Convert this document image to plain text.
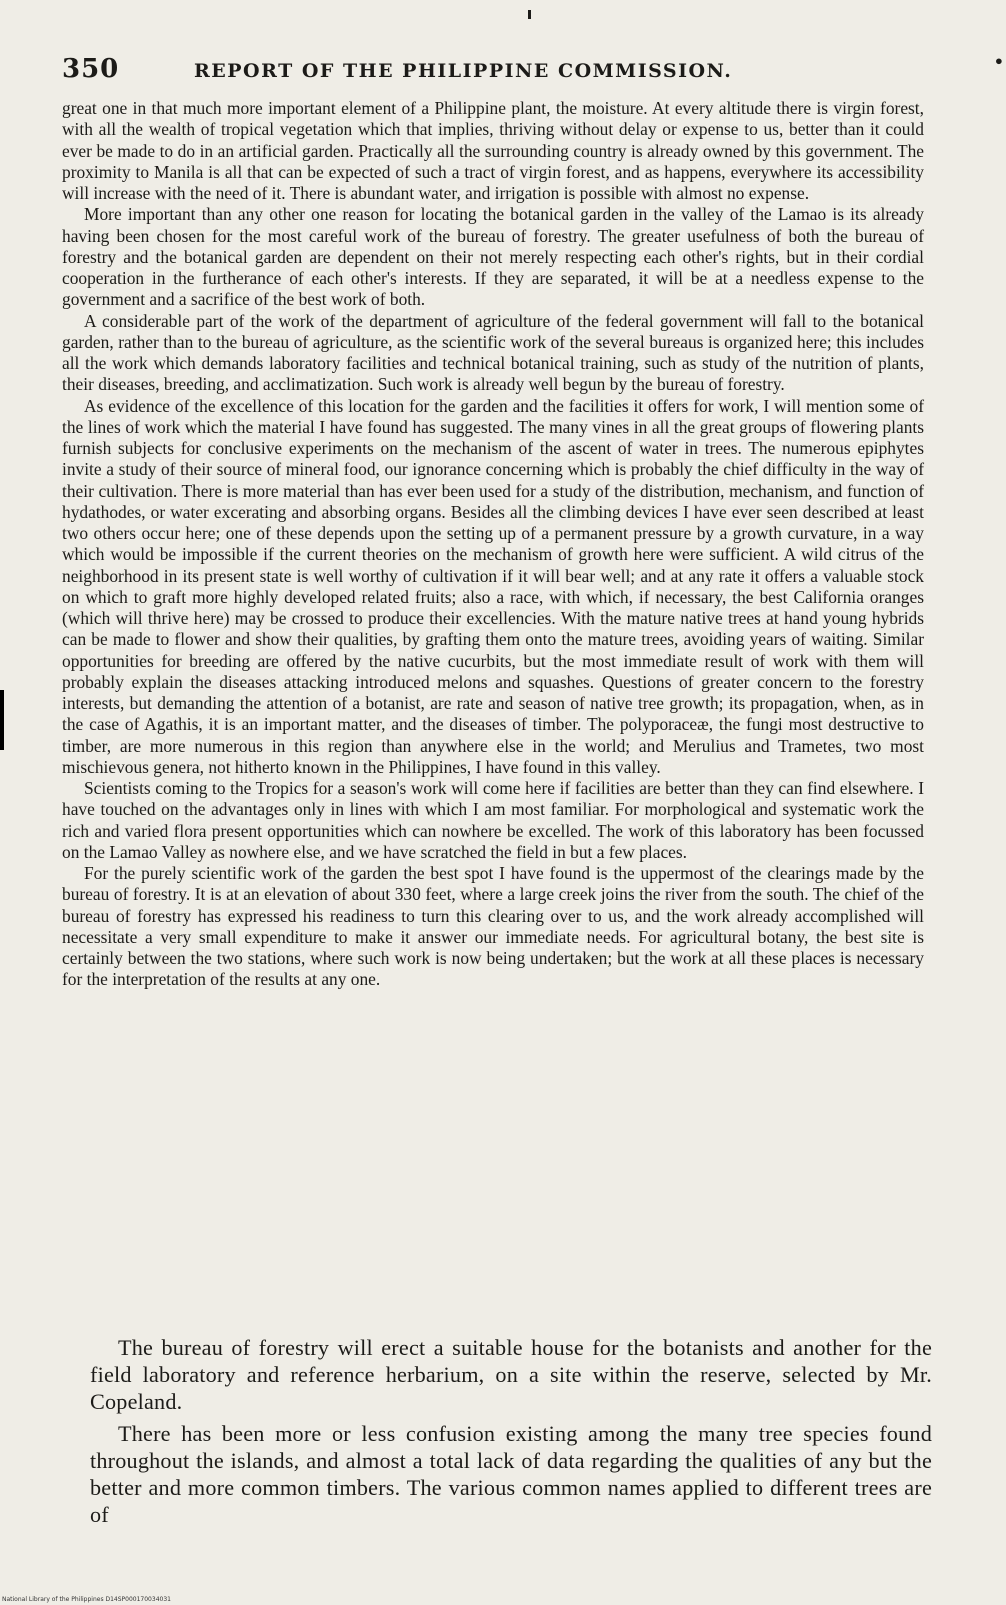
•
350	REPORT OF THE PHILIPPINE COMMISSION.

great one in that much more important element of a Philippine plant, the moisture. At every altitude there is virgin forest, with all the wealth of tropical vegetation which that implies, thriving without delay or expense to us, better than it could ever be made to do in an artificial garden. Practically all the surrounding country is already owned by this government. The proximity to Manila is all that can be expected of such a tract of virgin forest, and as happens, everywhere its accessibility will increase with the need of it. There is abundant water, and irrigation is possible with almost no expense.

More important than any other one reason for locating the botanical garden in the valley of the Lamao is its already having been chosen for the most careful work of the bureau of forestry. The greater usefulness of both the bureau of forestry and the botanical garden are dependent on their not merely respecting each other's rights, but in their cordial cooperation in the furtherance of each other's interests. If they are separated, it will be at a needless expense to the government and a sacrifice of the best work of both.

A considerable part of the work of the department of agriculture of the federal government will fall to the botanical garden, rather than to the bureau of agriculture, as the scientific work of the several bureaus is organized here; this includes all the work which demands laboratory facilities and technical botanical training, such as study of the nutrition of plants, their diseases, breeding, and acclimatization. Such work is already well begun by the bureau of forestry.

As evidence of the excellence of this location for the garden and the facilities it offers for work, I will mention some of the lines of work which the material I have found has suggested. The many vines in all the great groups of flowering plants furnish subjects for conclusive experiments on the mechanism of the ascent of water in trees. The numerous epiphytes invite a study of their source of mineral food, our ignorance concerning which is probably the chief difficulty in the way of their cultivation. There is more material than has ever been used for a study of the distribution, mechanism, and function of hydathodes, or water excerating and absorbing organs. Besides all the climbing devices I have ever seen described at least two others occur here; one of these depends upon the setting up of a permanent pressure by a growth curvature, in a way which would be impossible if the current theories on the mechanism of growth here were sufficient. A wild citrus of the neighborhood in its present state is well worthy of cultivation if it will bear well; and at any rate it offers a valuable stock on which to graft more highly developed related fruits; also a race, with which, if necessary, the best California oranges (which will thrive here) may be crossed to produce their excellencies. With the mature native trees at hand young hybrids can be made to flower and show their qualities, by grafting them onto the mature trees, avoiding years of waiting. Similar opportunities for breeding are offered by the native cucurbits, but the most immediate result of work with them will probably explain the diseases attacking introduced melons and squashes. Questions of greater concern to the forestry interests, but demanding the attention of a botanist, are rate and season of native tree growth; its propagation, when, as in the case of Agathis, it is an important matter, and the diseases of timber. The polyporaceæ, the fungi most destructive to timber, are more numerous in this region than anywhere else in the world; and Merulius and Trametes, two most mischievous genera, not hitherto known in the Philippines, I have found in this valley.

Scientists coming to the Tropics for a season's work will come here if facilities are better than they can find elsewhere. I have touched on the advantages only in lines with which I am most familiar. For morphological and systematic work the rich and varied flora present opportunities which can nowhere be excelled. The work of this laboratory has been focussed on the Lamao Valley as nowhere else, and we have scratched the field in but a few places.

For the purely scientific work of the garden the best spot I have found is the uppermost of the clearings made by the bureau of forestry. It is at an elevation of about 330 feet, where a large creek joins the river from the south. The chief of the bureau of forestry has expressed his readiness to turn this clearing over to us, and the work already accomplished will necessitate a very small expenditure to make it answer our immediate needs. For agricultural botany, the best site is certainly between the two stations, where such work is now being undertaken; but the work at all these places is necessary for the interpretation of the results at any one.

The bureau of forestry will erect a suitable house for the botanists and another for the field laboratory and reference herbarium, on a site within the reserve, selected by Mr. Copeland.

There has been more or less confusion existing among the many tree species found throughout the islands, and almost a total lack of data regarding the qualities of any but the better and more common timbers. The various common names applied to different trees are of

National Library of the Philippines D14SP000170034031
